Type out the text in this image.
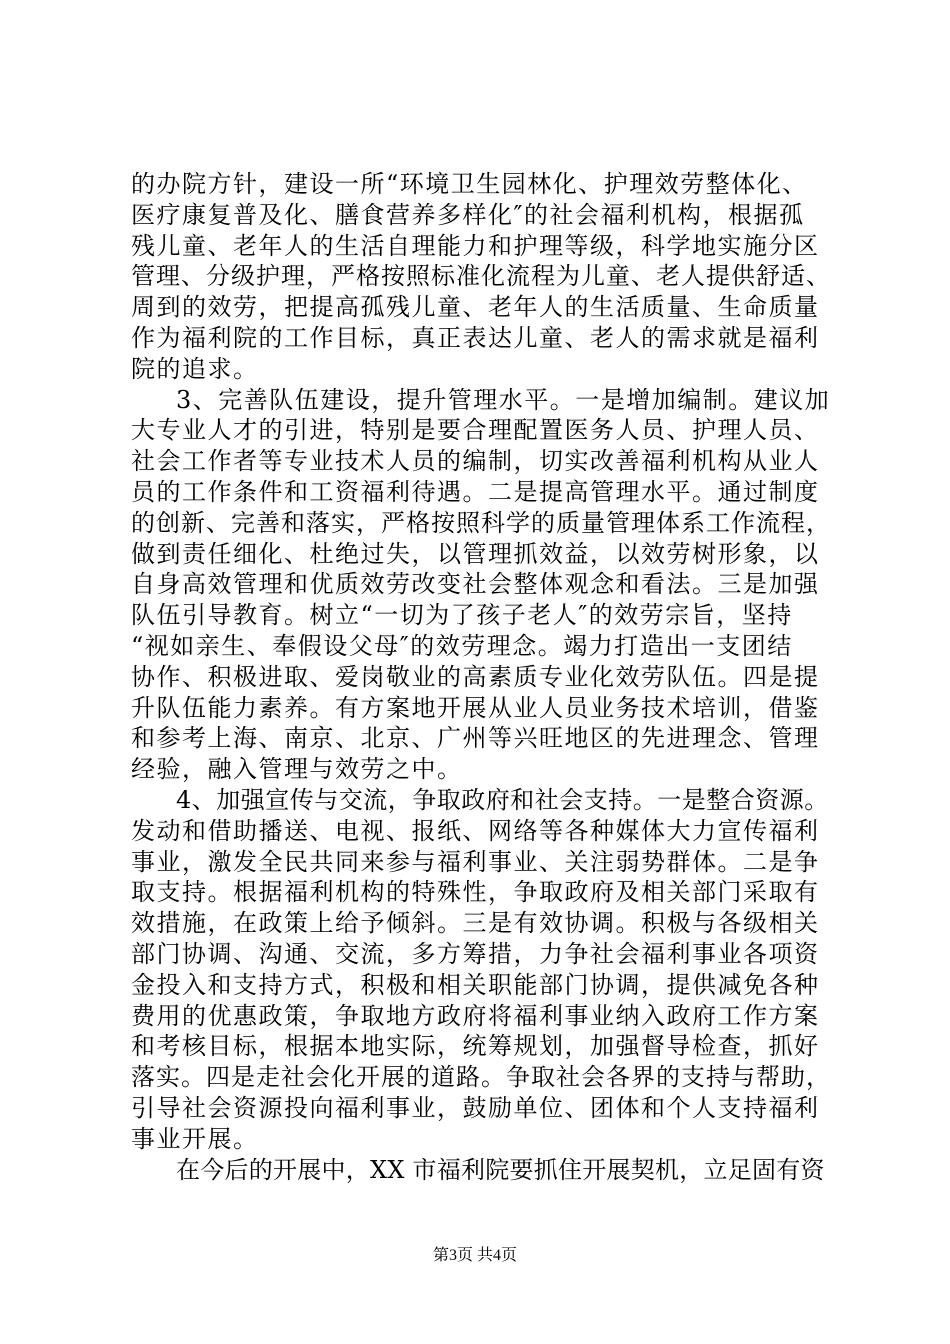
的办院方针，建设一所“环境卫生园林化、护理效劳整体化、
医疗康复普及化、膳食营养多样化″的社会福利机构，根据孤
残儿童、老年人的生活自理能力和护理等级，科学地实施分区
管理、分级护理，严格按照标准化流程为儿童、老人提供舒适、
周到的效劳，把提高孤残儿童、老年人的生活质量、生命质量
作为福利院的工作目标，真正表达儿童、老人的需求就是福利
院的追求。
3、完善队伍建设，提升管理水平。一是增加编制。建议加
大专业人才的引进，特别是要合理配置医务人员、护理人员、
社会工作者等专业技术人员的编制，切实改善福利机构从业人
员的工作条件和工资福利待遇。二是提高管理水平。通过制度
的创新、完善和落实，严格按照科学的质量管理体系工作流程，
做到责任细化、杜绝过失，以管理抓效益，以效劳树形象，以
自身高效管理和优质效劳改变社会整体观念和看法。三是加强
队伍引导教育。树立“一切为了孩子老人″的效劳宗旨，坚持
“视如亲生、奉假设父母″的效劳理念。竭力打造出一支团结
协作、积极进取、爱岗敬业的高素质专业化效劳队伍。四是提
升队伍能力素养。有方案地开展从业人员业务技术培训，借鉴
和参考上海、南京、北京、广州等兴旺地区的先进理念、管理
经验，融入管理与效劳之中。
4、加强宣传与交流，争取政府和社会支持。一是整合资源。
发动和借助播送、电视、报纸、网络等各种媒体大力宣传福利
事业，激发全民共同来参与福利事业、关注弱势群体。二是争
取支持。根据福利机构的特殊性，争取政府及相关部门采取有
效措施，在政策上给予倾斜。三是有效协调。积极与各级相关
部门协调、沟通、交流，多方筹措，力争社会福利事业各项资
金投入和支持方式，积极和相关职能部门协调，提供减免各种
费用的优惠政策，争取地方政府将福利事业纳入政府工作方案
和考核目标，根据本地实际，统筹规划，加强督导检查，抓好
落实。四是走社会化开展的道路。争取社会各界的支持与帮助，
引导社会资源投向福利事业，鼓励单位、团体和个人支持福利
事业开展。
在今后的开展中，XX 市福利院要抓住开展契机，立足固有资
第3页 共4页
